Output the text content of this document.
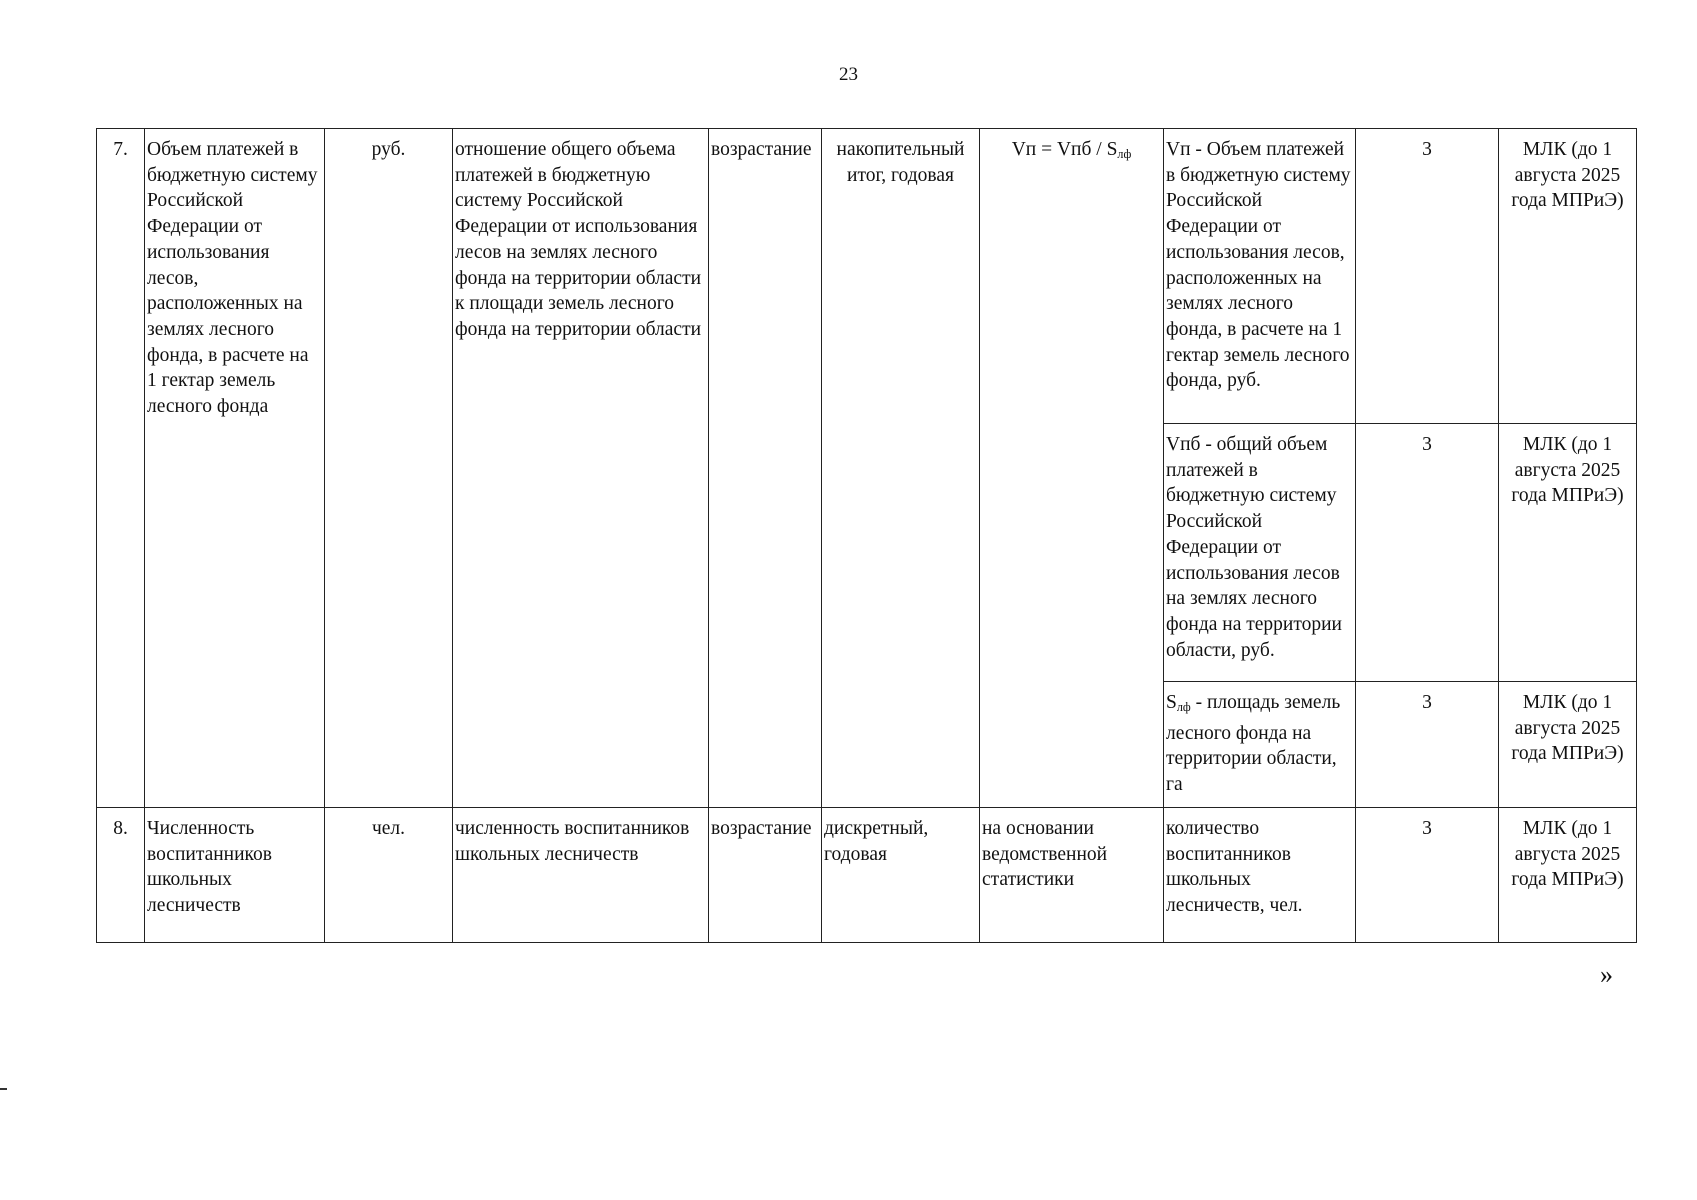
23
7.	Объем платежей в бюджетную систему Российской Федерации от использования лесов, расположенных на землях лесного фонда, в расчете на 1 гектар земель лесного фонда	руб.	отношение общего объема платежей в бюджетную систему Российской Федерации от использования лесов на землях лесного фонда на территории области к площади земель лесного фонда на территории области	возрастание	накопительный итог, годовая	Vп = Vпб / $S_{лф}$	Vп - Объем платежей в бюджетную систему Российской Федерации от использования лесов, расположенных на землях лесного фонда, в расчете на 1 гектар земель лесного фонда, руб.	3	МЛК (до 1 августа 2025 года МПРиЭ)
							Vпб - общий объем платежей в бюджетную систему Российской Федерации от использования лесов на землях лесного фонда на территории области, руб.	3	МЛК (до 1 августа 2025 года МПРиЭ)
							$S_{лф}$ - площадь земель лесного фонда на территории области, га	3	МЛК (до 1 августа 2025 года МПРиЭ)
8.	Численность воспитанников школьных лесничеств	чел.	численность воспитанников школьных лесничеств	возрастание	дискретный, годовая	на основании ведомственной статистики	количество воспитанников школьных лесничеств, чел.	3	МЛК (до 1 августа 2025 года МПРиЭ)
»
